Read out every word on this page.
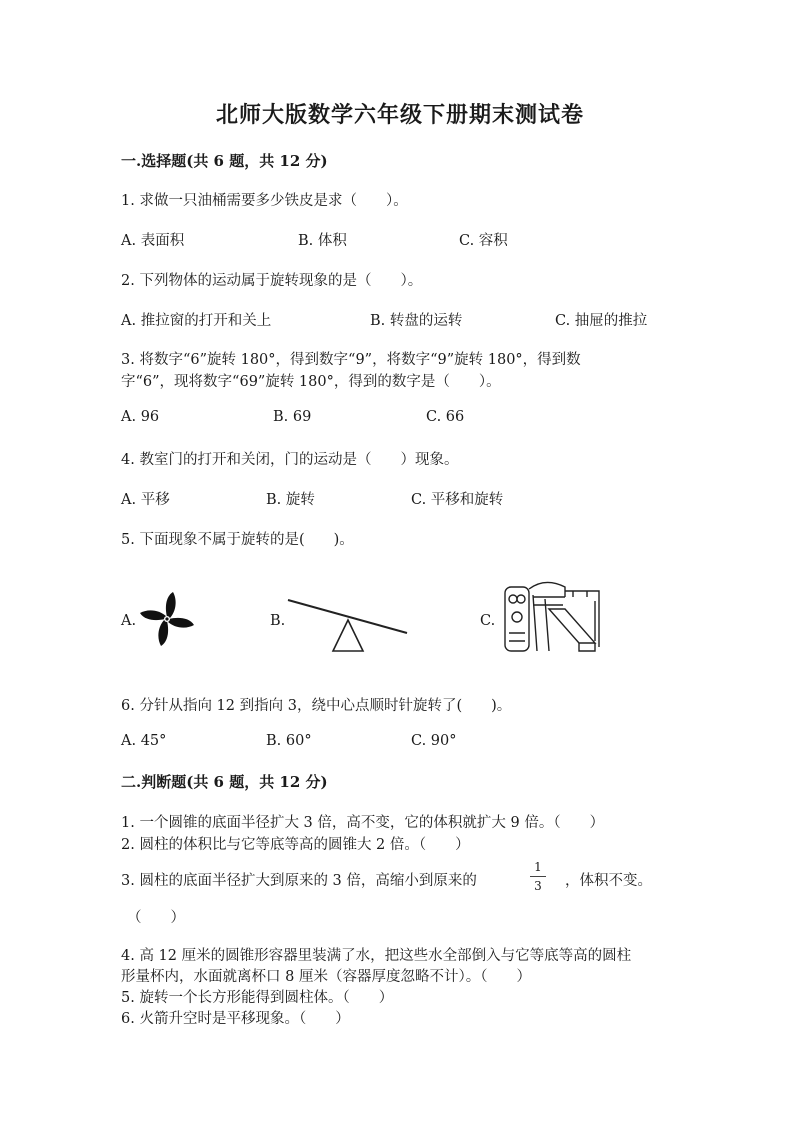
北师大版数学六年级下册期末测试卷
一.选择题(共 6 题，共 12 分)
1. 求做一只油桶需要多少铁皮是求（　　）。
A. 表面积	B. 体积	C. 容积
2. 下列物体的运动属于旋转现象的是（　　）。
A. 推拉窗的打开和关上	B. 转盘的运转	C. 抽屉的推拉
3. 将数字“6”旋转 180°，得到数字“9”，将数字“9”旋转 180°，得到数
字“6”，现将数字“69”旋转 180°，得到的数字是（　　）。
A. 96	B. 69	C. 66
4. 教室门的打开和关闭，门的运动是（　　）现象。
A. 平移	B. 旋转	C. 平移和旋转
5. 下面现象不属于旋转的是(　　)。
A.	B.	C.
6. 分针从指向 12 到指向 3，绕中心点顺时针旋转了(　　)。
A. 45°	B. 60°	C. 90°
二.判断题(共 6 题，共 12 分)
1. 一个圆锥的底面半径扩大 3 倍，高不变，它的体积就扩大 9 倍。（　　）
2. 圆柱的体积比与它等底等高的圆锥大 2 倍。（　　）
3. 圆柱的底面半径扩大到原来的 3 倍，高缩小到原来的
1
3 ，体积不变。
（　　）
4. 高 12 厘米的圆锥形容器里装满了水，把这些水全部倒入与它等底等高的圆柱
形量杯内，水面就离杯口 8 厘米（容器厚度忽略不计）。（　　）
5. 旋转一个长方形能得到圆柱体。（　　）
6. 火箭升空时是平移现象。（　　）
